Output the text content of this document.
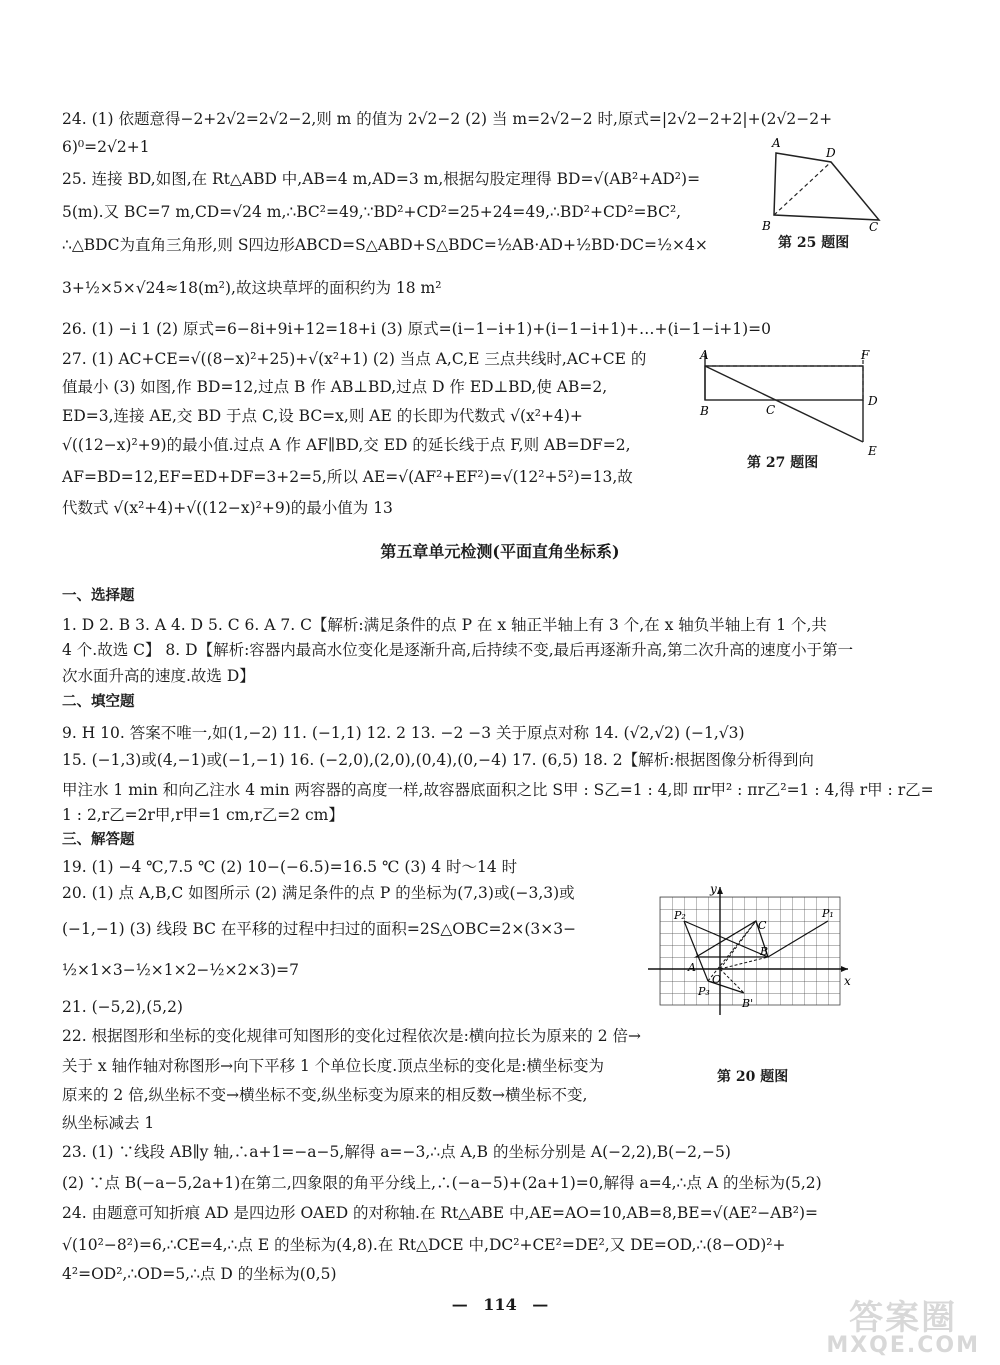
24. (1) 依题意得−2+2√2=2√2−2,则 m 的值为 2√2−2 (2) 当 m=2√2−2 时,原式=|2√2−2+2|+(2√2−2+
6)⁰=2√2+1
25. 连接 BD,如图,在 Rt△ABD 中,AB=4 m,AD=3 m,根据勾股定理得 BD=√(AB²+AD²)=
5(m).又 BC=7 m,CD=√24 m,∴BC²=49,∵BD²+CD²=25+24=49,∴BD²+CD²=BC²,
∴△BDC为直角三角形,则 S四边形ABCD=S△ABD+S△BDC=½AB·AD+½BD·DC=½×4×
3+½×5×√24≈18(m²),故这块草坪的面积约为 18 m²
A
D
B	C
第 25 题图
26. (1) −i 1 (2) 原式=6−8i+9i+12=18+i (3) 原式=(i−1−i+1)+(i−1−i+1)+…+(i−1−i+1)=0
27. (1) AC+CE=√((8−x)²+25)+√(x²+1) (2) 当点 A,C,E 三点共线时,AC+CE 的
值最小 (3) 如图,作 BD=12,过点 B 作 AB⊥BD,过点 D 作 ED⊥BD,使 AB=2,
ED=3,连接 AE,交 BD 于点 C,设 BC=x,则 AE 的长即为代数式 √(x²+4)+
√((12−x)²+9)的最小值.过点 A 作 AF∥BD,交 ED 的延长线于点 F,则 AB=DF=2,
AF=BD=12,EF=ED+DF=3+2=5,所以 AE=√(AF²+EF²)=√(12²+5²)=13,故
代数式 √(x²+4)+√((12−x)²+9)的最小值为 13
A	F
B	C
D
E
第 27 题图
第五章单元检测(平面直角坐标系)
一、选择题
1. D 2. B 3. A 4. D 5. C 6. A 7. C【解析:满足条件的点 P 在 x 轴正半轴上有 3 个,在 x 轴负半轴上有 1 个,共
4 个.故选 C】 8. D【解析:容器内最高水位变化是逐渐升高,后持续不变,最后再逐渐升高,第二次升高的速度小于第一
次水面升高的速度.故选 D】
二、填空题
9. H 10. 答案不唯一,如(1,−2) 11. (−1,1) 12. 2 13. −2 −3 关于原点对称 14. (√2,√2) (−1,√3)
15. (−1,3)或(4,−1)或(−1,−1) 16. (−2,0),(2,0),(0,4),(0,−4) 17. (6,5) 18. 2【解析:根据图像分析得到向
甲注水 1 min 和向乙注水 4 min 两容器的高度一样,故容器底面积之比 S甲 : S乙=1 : 4,即 πr甲² : πr乙²=1 : 4,得 r甲 : r乙=
1 : 2,r乙=2r甲,r甲=1 cm,r乙=2 cm】
三、解答题
19. (1) −4 ℃,7.5 ℃ (2) 10−(−6.5)=16.5 ℃ (3) 4 时～14 时
20. (1) 点 A,B,C 如图所示 (2) 满足条件的点 P 的坐标为(7,3)或(−3,3)或
(−1,−1) (3) 线段 BC 在平移的过程中扫过的面积=2S△OBC=2×(3×3−
½×1×3−½×1×2−½×2×3)=7
21. (−5,2),(5,2)
22. 根据图形和坐标的变化规律可知图形的变化过程依次是:横向拉长为原来的 2 倍→
关于 x 轴作轴对称图形→向下平移 1 个单位长度.顶点坐标的变化是:横坐标变为
原来的 2 倍,纵坐标不变→横坐标不变,纵坐标变为原来的相反数→横坐标不变,
纵坐标减去 1
y
x
P₂	P₁
P₃
A
C
O
B
B'
第 20 题图
23. (1) ∵线段 AB∥y 轴,∴a+1=−a−5,解得 a=−3,∴点 A,B 的坐标分别是 A(−2,2),B(−2,−5)
(2) ∵点 B(−a−5,2a+1)在第二,四象限的角平分线上,∴(−a−5)+(2a+1)=0,解得 a=4,∴点 A 的坐标为(5,2)
24. 由题意可知折痕 AD 是四边形 OAED 的对称轴.在 Rt△ABE 中,AE=AO=10,AB=8,BE=√(AE²−AB²)=
√(10²−8²)=6,∴CE=4,∴点 E 的坐标为(4,8).在 Rt△DCE 中,DC²+CE²=DE²,又 DE=OD,∴(8−OD)²+
4²=OD²,∴OD=5,∴点 D 的坐标为(0,5)
— 114 —	答案圈
MXQE.COM
